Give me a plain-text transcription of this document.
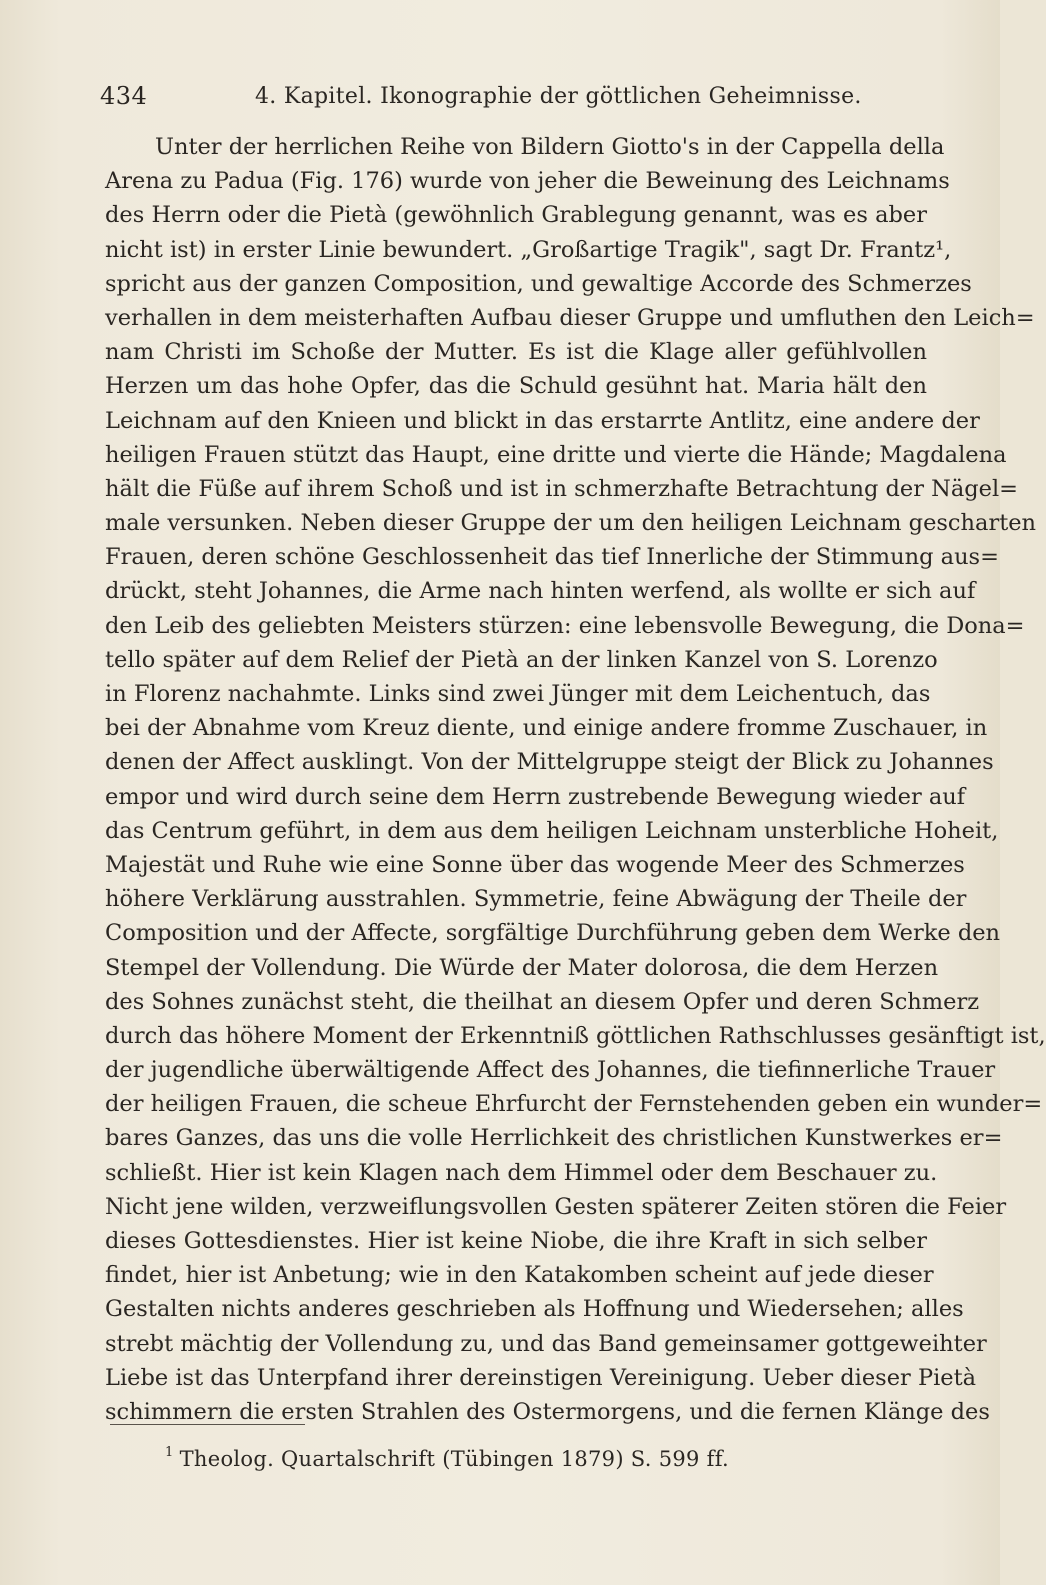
434	4. Kapitel. Ikonographie der göttlichen Geheimnisse.
Unter der herrlichen Reihe von Bildern Giotto's in der Cappella della
Arena zu Padua (Fig. 176) wurde von jeher die Beweinung des Leichnams
des Herrn oder die Pietà (gewöhnlich Grablegung genannt, was es aber
nicht ist) in erster Linie bewundert. „Großartige Tragik", sagt Dr. Frantz¹,
spricht aus der ganzen Composition, und gewaltige Accorde des Schmerzes
verhallen in dem meisterhaften Aufbau dieser Gruppe und umfluthen den Leich=
nam Christi im Schoße der Mutter. Es ist die Klage aller gefühlvollen
Herzen um das hohe Opfer, das die Schuld gesühnt hat. Maria hält den
Leichnam auf den Knieen und blickt in das erstarrte Antlitz, eine andere der
heiligen Frauen stützt das Haupt, eine dritte und vierte die Hände; Magdalena
hält die Füße auf ihrem Schoß und ist in schmerzhafte Betrachtung der Nägel=
male versunken. Neben dieser Gruppe der um den heiligen Leichnam gescharten
Frauen, deren schöne Geschlossenheit das tief Innerliche der Stimmung aus=
drückt, steht Johannes, die Arme nach hinten werfend, als wollte er sich auf
den Leib des geliebten Meisters stürzen: eine lebensvolle Bewegung, die Dona=
tello später auf dem Relief der Pietà an der linken Kanzel von S. Lorenzo
in Florenz nachahmte. Links sind zwei Jünger mit dem Leichentuch, das
bei der Abnahme vom Kreuz diente, und einige andere fromme Zuschauer, in
denen der Affect ausklingt. Von der Mittelgruppe steigt der Blick zu Johannes
empor und wird durch seine dem Herrn zustrebende Bewegung wieder auf
das Centrum geführt, in dem aus dem heiligen Leichnam unsterbliche Hoheit,
Majestät und Ruhe wie eine Sonne über das wogende Meer des Schmerzes
höhere Verklärung ausstrahlen. Symmetrie, feine Abwägung der Theile der
Composition und der Affecte, sorgfältige Durchführung geben dem Werke den
Stempel der Vollendung. Die Würde der Mater dolorosa, die dem Herzen
des Sohnes zunächst steht, die theilhat an diesem Opfer und deren Schmerz
durch das höhere Moment der Erkenntniß göttlichen Rathschlusses gesänftigt ist,
der jugendliche überwältigende Affect des Johannes, die tiefinnerliche Trauer
der heiligen Frauen, die scheue Ehrfurcht der Fernstehenden geben ein wunder=
bares Ganzes, das uns die volle Herrlichkeit des christlichen Kunstwerkes er=
schließt. Hier ist kein Klagen nach dem Himmel oder dem Beschauer zu.
Nicht jene wilden, verzweiflungsvollen Gesten späterer Zeiten stören die Feier
dieses Gottesdienstes. Hier ist keine Niobe, die ihre Kraft in sich selber
findet, hier ist Anbetung; wie in den Katakomben scheint auf jede dieser
Gestalten nichts anderes geschrieben als Hoffnung und Wiedersehen; alles
strebt mächtig der Vollendung zu, und das Band gemeinsamer gottgeweihter
Liebe ist das Unterpfand ihrer dereinstigen Vereinigung. Ueber dieser Pietà
schimmern die ersten Strahlen des Ostermorgens, und die fernen Klänge des
$^1$ Theolog. Quartalschrift (Tübingen 1879) S. 599 ff.
